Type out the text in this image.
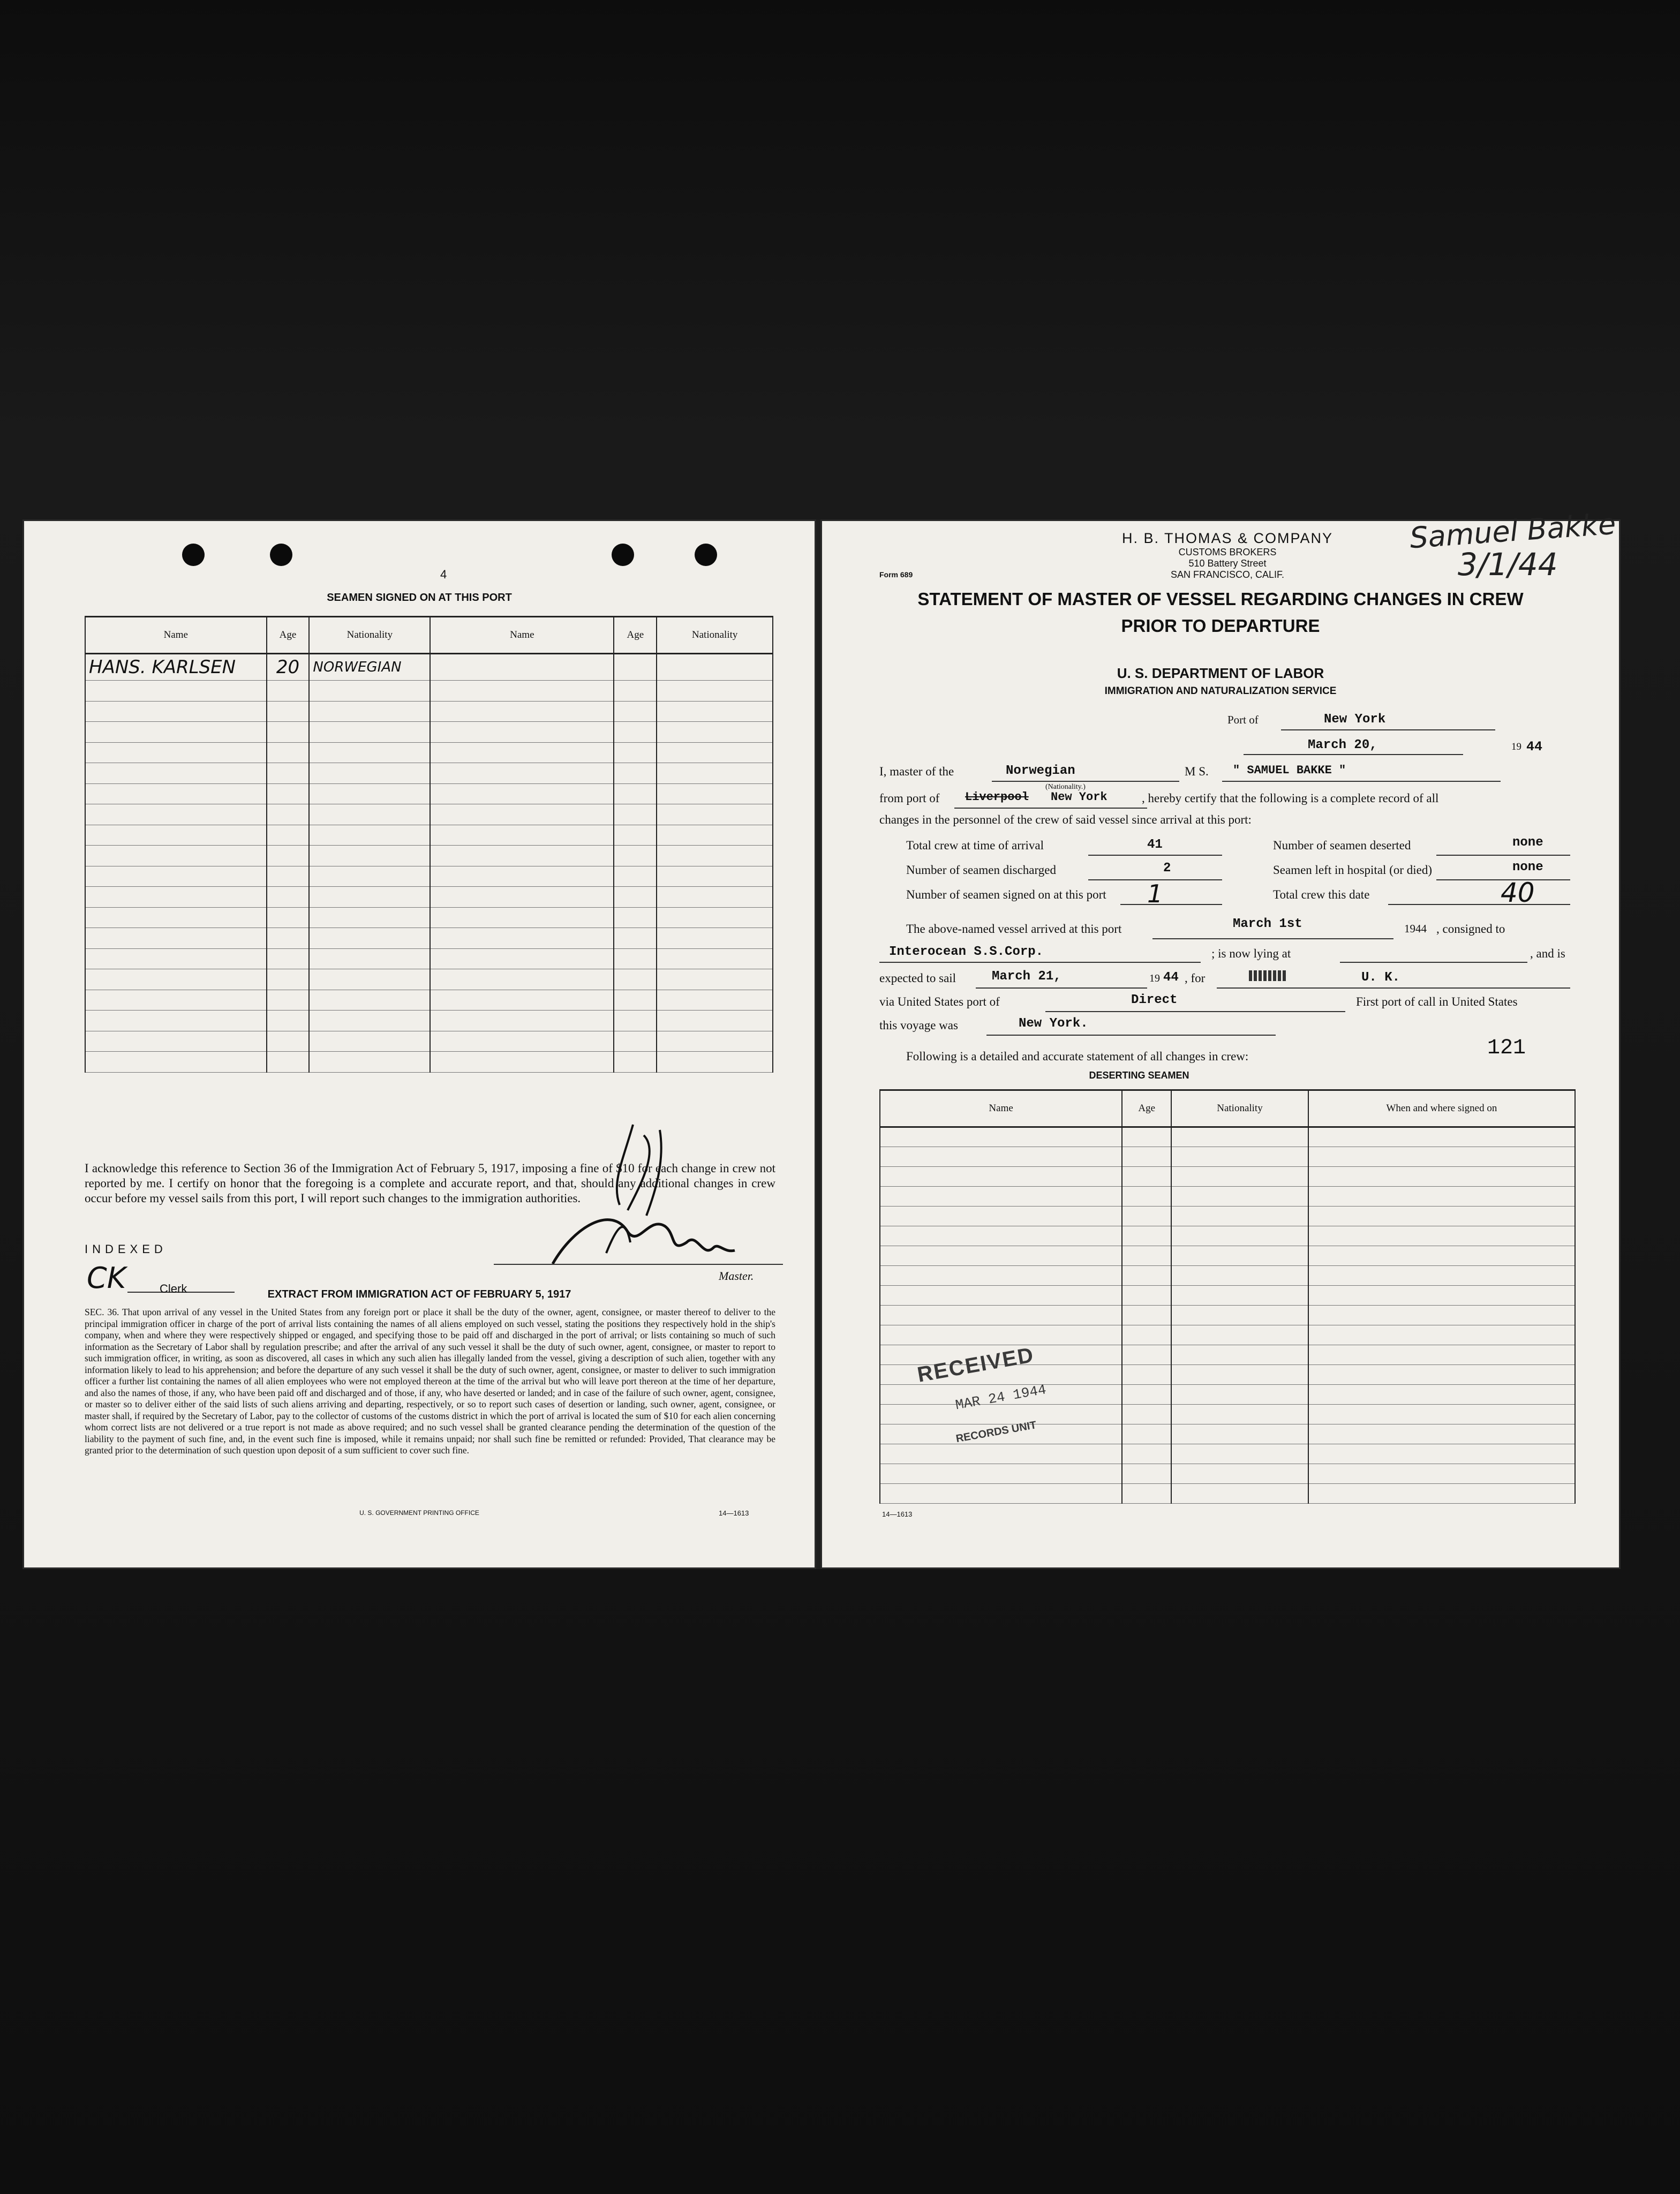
4
SEAMEN SIGNED ON AT THIS PORT
Name	Age	Nationality	Name	Age	Nationality
HANS. KARLSEN	20	NORWEGIAN			

I acknowledge this reference to Section 36 of the Immigration Act of February 5, 1917, imposing a fine of $10 for each change in crew not reported by me. I certify on honor that the foregoing is a complete and accurate report, and that, should any additional changes in crew occur before my vessel sails from this port, I will report such changes to the immigration authorities.
INDEXED
CK	Clerk
Master.
EXTRACT FROM IMMIGRATION ACT OF FEBRUARY 5, 1917
SEC. 36. That upon arrival of any vessel in the United States from any foreign port or place it shall be the duty of the owner, agent, consignee, or master thereof to deliver to the principal immigration officer in charge of the port of arrival lists containing the names of all aliens employed on such vessel, stating the positions they respectively hold in the ship's company, when and where they were respectively shipped or engaged, and specifying those to be paid off and discharged in the port of arrival; or lists containing so much of such information as the Secretary of Labor shall by regulation prescribe; and after the arrival of any such vessel it shall be the duty of such owner, agent, consignee, or master to report to such immigration officer, in writing, as soon as discovered, all cases in which any such alien has illegally landed from the vessel, giving a description of such alien, together with any information likely to lead to his apprehension; and before the departure of any such vessel it shall be the duty of such owner, agent, consignee, or master to deliver to such immigration officer a further list containing the names of all alien employees who were not employed thereon at the time of the arrival but who will leave port thereon at the time of her departure, and also the names of those, if any, who have been paid off and discharged and of those, if any, who have deserted or landed; and in case of the failure of such owner, agent, consignee, or master so to deliver either of the said lists of such aliens arriving and departing, respectively, or so to report such cases of desertion or landing, such owner, agent, consignee, or master shall, if required by the Secretary of Labor, pay to the collector of customs of the customs district in which the port of arrival is located the sum of $10 for each alien concerning whom correct lists are not delivered or a true report is not made as above required; and no such vessel shall be granted clearance pending the determination of the question of the liability to the payment of such fine, and, in the event such fine is imposed, while it remains unpaid; nor shall such fine be remitted or refunded: Provided, That clearance may be granted prior to the determination of such question upon deposit of a sum sufficient to cover such fine.
U. S. GOVERNMENT PRINTING OFFICE	14—1613
Form 689
H. B. THOMAS & COMPANY
CUSTOMS BROKERS
510 Battery Street
SAN FRANCISCO, CALIF.
Samuel Bakke
3/1/44
STATEMENT OF MASTER OF VESSEL REGARDING CHANGES IN CREW
PRIOR TO DEPARTURE
U. S. DEPARTMENT OF LABOR
IMMIGRATION AND NATURALIZATION SERVICE
Port of	New York
March 20,	19 44
I, master of the	Norwegian
(Nationality.)
M S. " SAMUEL BAKKE "
from port of Liverpool New York	, hereby certify that the following is a complete record of all
changes in the personnel of the crew of said vessel since arrival at this port:
Total crew at time of arrival	41	Number of seamen deserted	none
Number of seamen discharged	2	Seamen left in hospital (or died)	none
Number of seamen signed on at this port 1	Total crew this date	40
The above-named vessel arrived at this port	March 1st	1944 , consigned to
Interocean S.S.Corp.	; is now lying at	, and is
expected to sail	March 21,	19 44 , for	U. K.
via United States port of	Direct	First port of call in United States
this voyage was	New York.
Following is a detailed and accurate statement of all changes in crew:	121
DESERTING SEAMEN
Name	Age	Nationality	When and where signed on

RECEIVED
MAR 24 1944
RECORDS UNIT
14—1613
